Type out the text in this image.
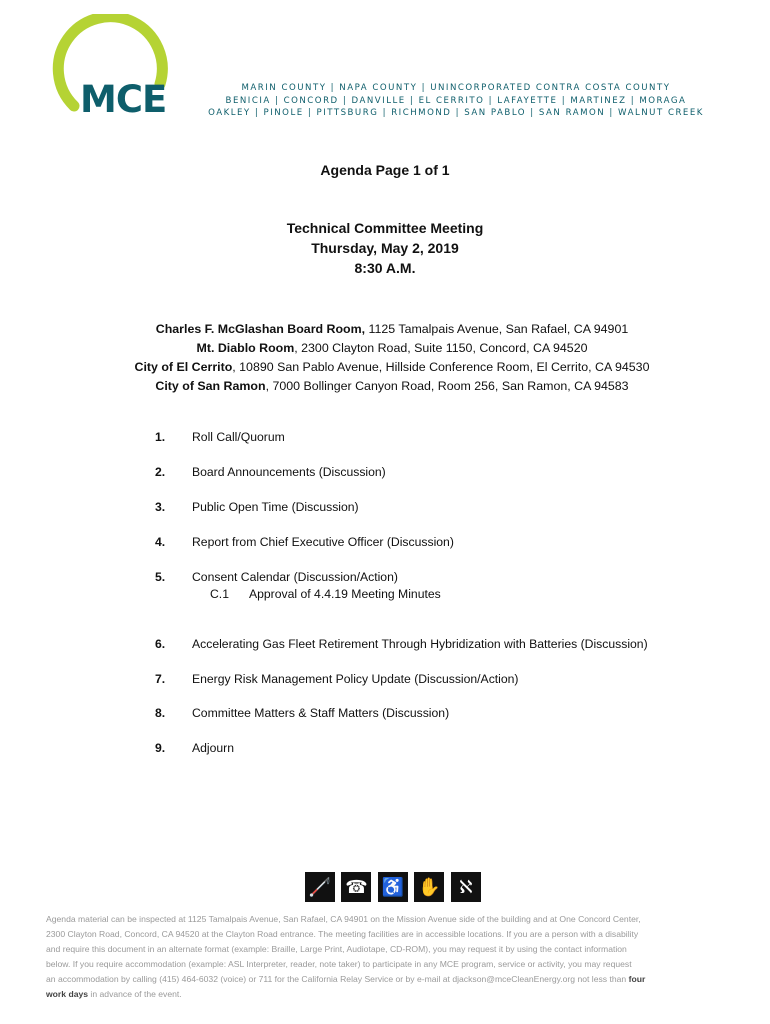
MCE	MARIN COUNTY | NAPA COUNTY | UNINCORPORATED CONTRA COSTA COUNTY
BENICIA | CONCORD | DANVILLE | EL CERRITO | LAFAYETTE | MARTINEZ | MORAGA
OAKLEY | PINOLE | PITTSBURG | RICHMOND | SAN PABLO | SAN RAMON | WALNUT CREEK
Agenda Page 1 of 1
Technical Committee Meeting
Thursday, May 2, 2019
8:30 A.M.
Charles F. McGlashan Board Room, 1125 Tamalpais Avenue, San Rafael, CA 94901
Mt. Diablo Room, 2300 Clayton Road, Suite 1150, Concord, CA 94520
City of El Cerrito, 10890 San Pablo Avenue, Hillside Conference Room, El Cerrito, CA 94530
City of San Ramon, 7000 Bollinger Canyon Road, Room 256, San Ramon, CA 94583
1. Roll Call/Quorum
2. Board Announcements (Discussion)
3. Public Open Time (Discussion)
4. Report from Chief Executive Officer (Discussion)
5. Consent Calendar (Discussion/Action)
C.1 Approval of 4.4.19 Meeting Minutes
6. Accelerating Gas Fleet Retirement Through Hybridization with Batteries (Discussion)
7. Energy Risk Management Policy Update (Discussion/Action)
8. Committee Matters & Staff Matters (Discussion)
9. Adjourn
🦯 ☎ ♿ ✋ ℵ
Agenda material can be inspected at 1125 Tamalpais Avenue, San Rafael, CA 94901 on the Mission Avenue side of the building and at One Concord Center,
2300 Clayton Road, Concord, CA 94520 at the Clayton Road entrance. The meeting facilities are in accessible locations. If you are a person with a disability
and require this document in an alternate format (example: Braille, Large Print, Audiotape, CD-ROM), you may request it by using the contact information
below. If you require accommodation (example: ASL Interpreter, reader, note taker) to participate in any MCE program, service or activity, you may request
an accommodation by calling (415) 464-6032 (voice) or 711 for the California Relay Service or by e-mail at djackson@mceCleanEnergy.org not less than four
work days in advance of the event.
